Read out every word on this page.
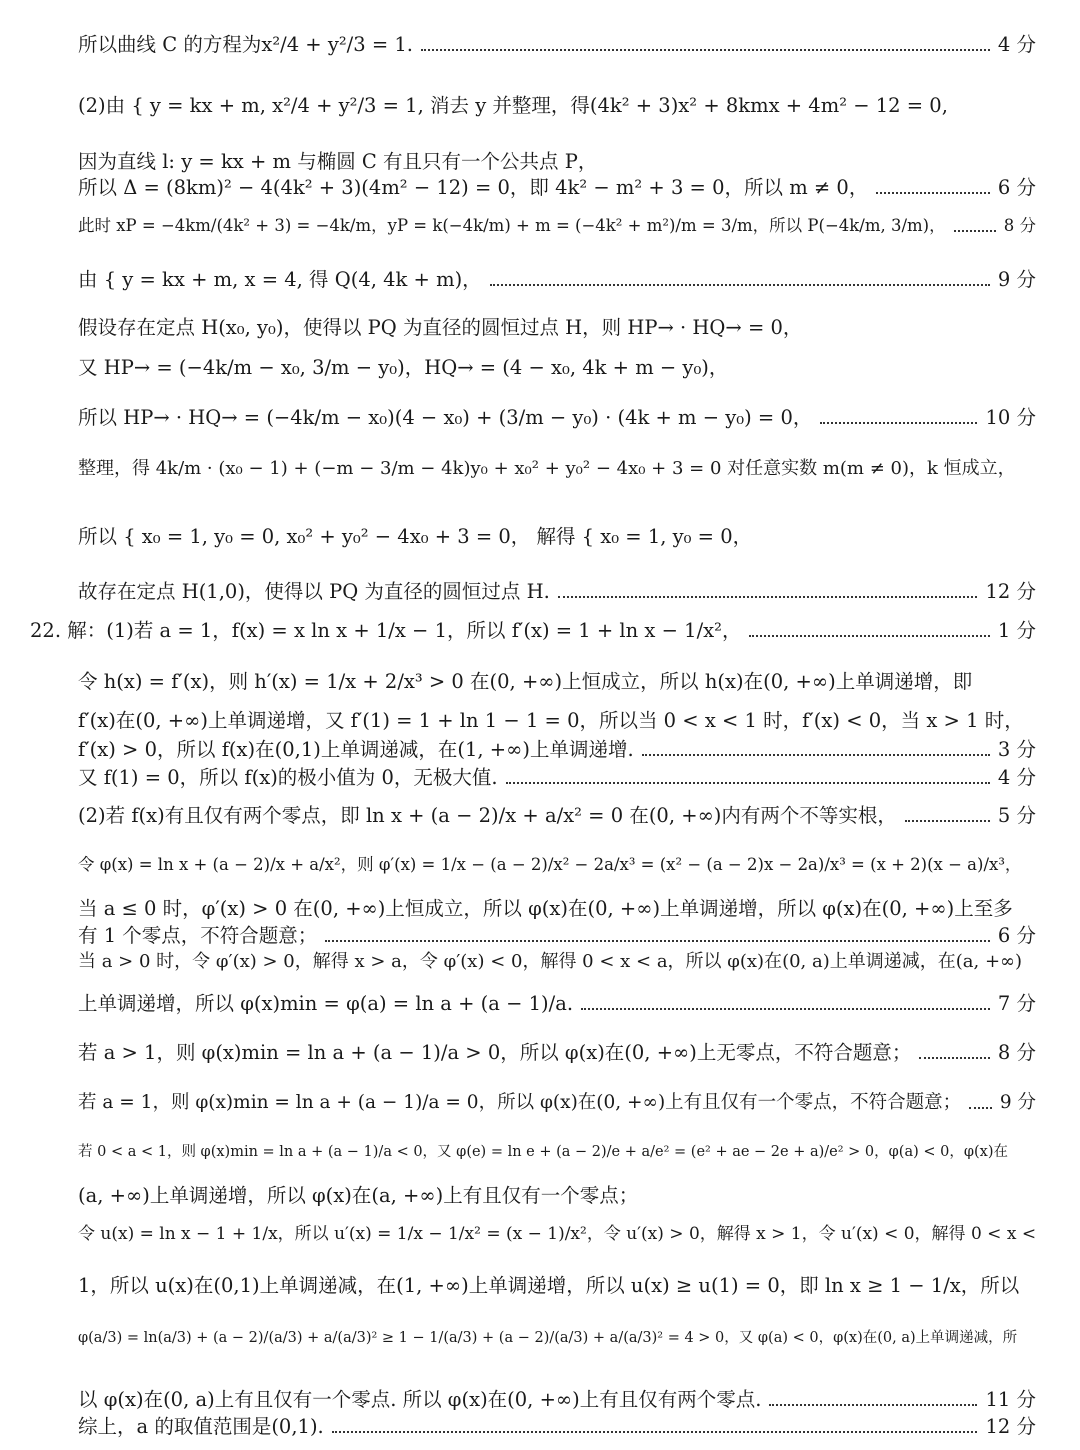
所以曲线 C 的方程为x²/4 + y²/3 = 1.	4 分
(2)由 { y = kx + m, x²/4 + y²/3 = 1, 消去 y 并整理，得(4k² + 3)x² + 8kmx + 4m² − 12 = 0,
因为直线 l: y = kx + m 与椭圆 C 有且只有一个公共点 P，
所以 Δ = (8km)² − 4(4k² + 3)(4m² − 12) = 0，即 4k² − m² + 3 = 0，所以 m ≠ 0，	6 分
此时 xP = −4km/(4k² + 3) = −4k/m，yP = k(−4k/m) + m = (−4k² + m²)/m = 3/m，所以 P(−4k/m, 3/m)，	8 分
由 { y = kx + m, x = 4, 得 Q(4, 4k + m)，	9 分
假设存在定点 H(x₀, y₀)，使得以 PQ 为直径的圆恒过点 H，则 HP→ · HQ→ = 0，
又 HP→ = (−4k/m − x₀, 3/m − y₀)，HQ→ = (4 − x₀, 4k + m − y₀)，
所以 HP→ · HQ→ = (−4k/m − x₀)(4 − x₀) + (3/m − y₀) · (4k + m − y₀) = 0，	10 分
整理，得 4k/m · (x₀ − 1) + (−m − 3/m − 4k)y₀ + x₀² + y₀² − 4x₀ + 3 = 0 对任意实数 m(m ≠ 0)，k 恒成立，
所以 { x₀ = 1, y₀ = 0, x₀² + y₀² − 4x₀ + 3 = 0， 解得 { x₀ = 1, y₀ = 0，
故存在定点 H(1,0)，使得以 PQ 为直径的圆恒过点 H.	12 分
22. 解：(1)若 a = 1，f(x) = x ln x + 1/x − 1，所以 f′(x) = 1 + ln x − 1/x²，	1 分
令 h(x) = f′(x)，则 h′(x) = 1/x + 2/x³ > 0 在(0, +∞)上恒成立，所以 h(x)在(0, +∞)上单调递增，即
f′(x)在(0, +∞)上单调递增，又 f′(1) = 1 + ln 1 − 1 = 0，所以当 0 < x < 1 时，f′(x) < 0，当 x > 1 时，
f′(x) > 0，所以 f(x)在(0,1)上单调递减，在(1, +∞)上单调递增.	3 分
又 f(1) = 0，所以 f(x)的极小值为 0，无极大值.	4 分
(2)若 f(x)有且仅有两个零点，即 ln x + (a − 2)/x + a/x² = 0 在(0, +∞)内有两个不等实根，	5 分
令 φ(x) = ln x + (a − 2)/x + a/x²，则 φ′(x) = 1/x − (a − 2)/x² − 2a/x³ = (x² − (a − 2)x − 2a)/x³ = (x + 2)(x − a)/x³，
当 a ≤ 0 时，φ′(x) > 0 在(0, +∞)上恒成立，所以 φ(x)在(0, +∞)上单调递增，所以 φ(x)在(0, +∞)上至多
有 1 个零点，不符合题意；	6 分
当 a > 0 时，令 φ′(x) > 0，解得 x > a，令 φ′(x) < 0，解得 0 < x < a，所以 φ(x)在(0, a)上单调递减，在(a, +∞)
上单调递增，所以 φ(x)min = φ(a) = ln a + (a − 1)/a.	7 分
若 a > 1，则 φ(x)min = ln a + (a − 1)/a > 0，所以 φ(x)在(0, +∞)上无零点，不符合题意；	8 分
若 a = 1，则 φ(x)min = ln a + (a − 1)/a = 0，所以 φ(x)在(0, +∞)上有且仅有一个零点，不符合题意； 9 分
若 0 < a < 1，则 φ(x)min = ln a + (a − 1)/a < 0，又 φ(e) = ln e + (a − 2)/e + a/e² = (e² + ae − 2e + a)/e² > 0，φ(a) < 0，φ(x)在
(a, +∞)上单调递增，所以 φ(x)在(a, +∞)上有且仅有一个零点；
令 u(x) = ln x − 1 + 1/x，所以 u′(x) = 1/x − 1/x² = (x − 1)/x²，令 u′(x) > 0，解得 x > 1，令 u′(x) < 0，解得 0 < x <
1，所以 u(x)在(0,1)上单调递减，在(1, +∞)上单调递增，所以 u(x) ≥ u(1) = 0，即 ln x ≥ 1 − 1/x，所以
φ(a/3) = ln(a/3) + (a − 2)/(a/3) + a/(a/3)² ≥ 1 − 1/(a/3) + (a − 2)/(a/3) + a/(a/3)² = 4 > 0，又 φ(a) < 0，φ(x)在(0, a)上单调递减，所
以 φ(x)在(0, a)上有且仅有一个零点. 所以 φ(x)在(0, +∞)上有且仅有两个零点.	11 分
综上，a 的取值范围是(0,1).	12 分
